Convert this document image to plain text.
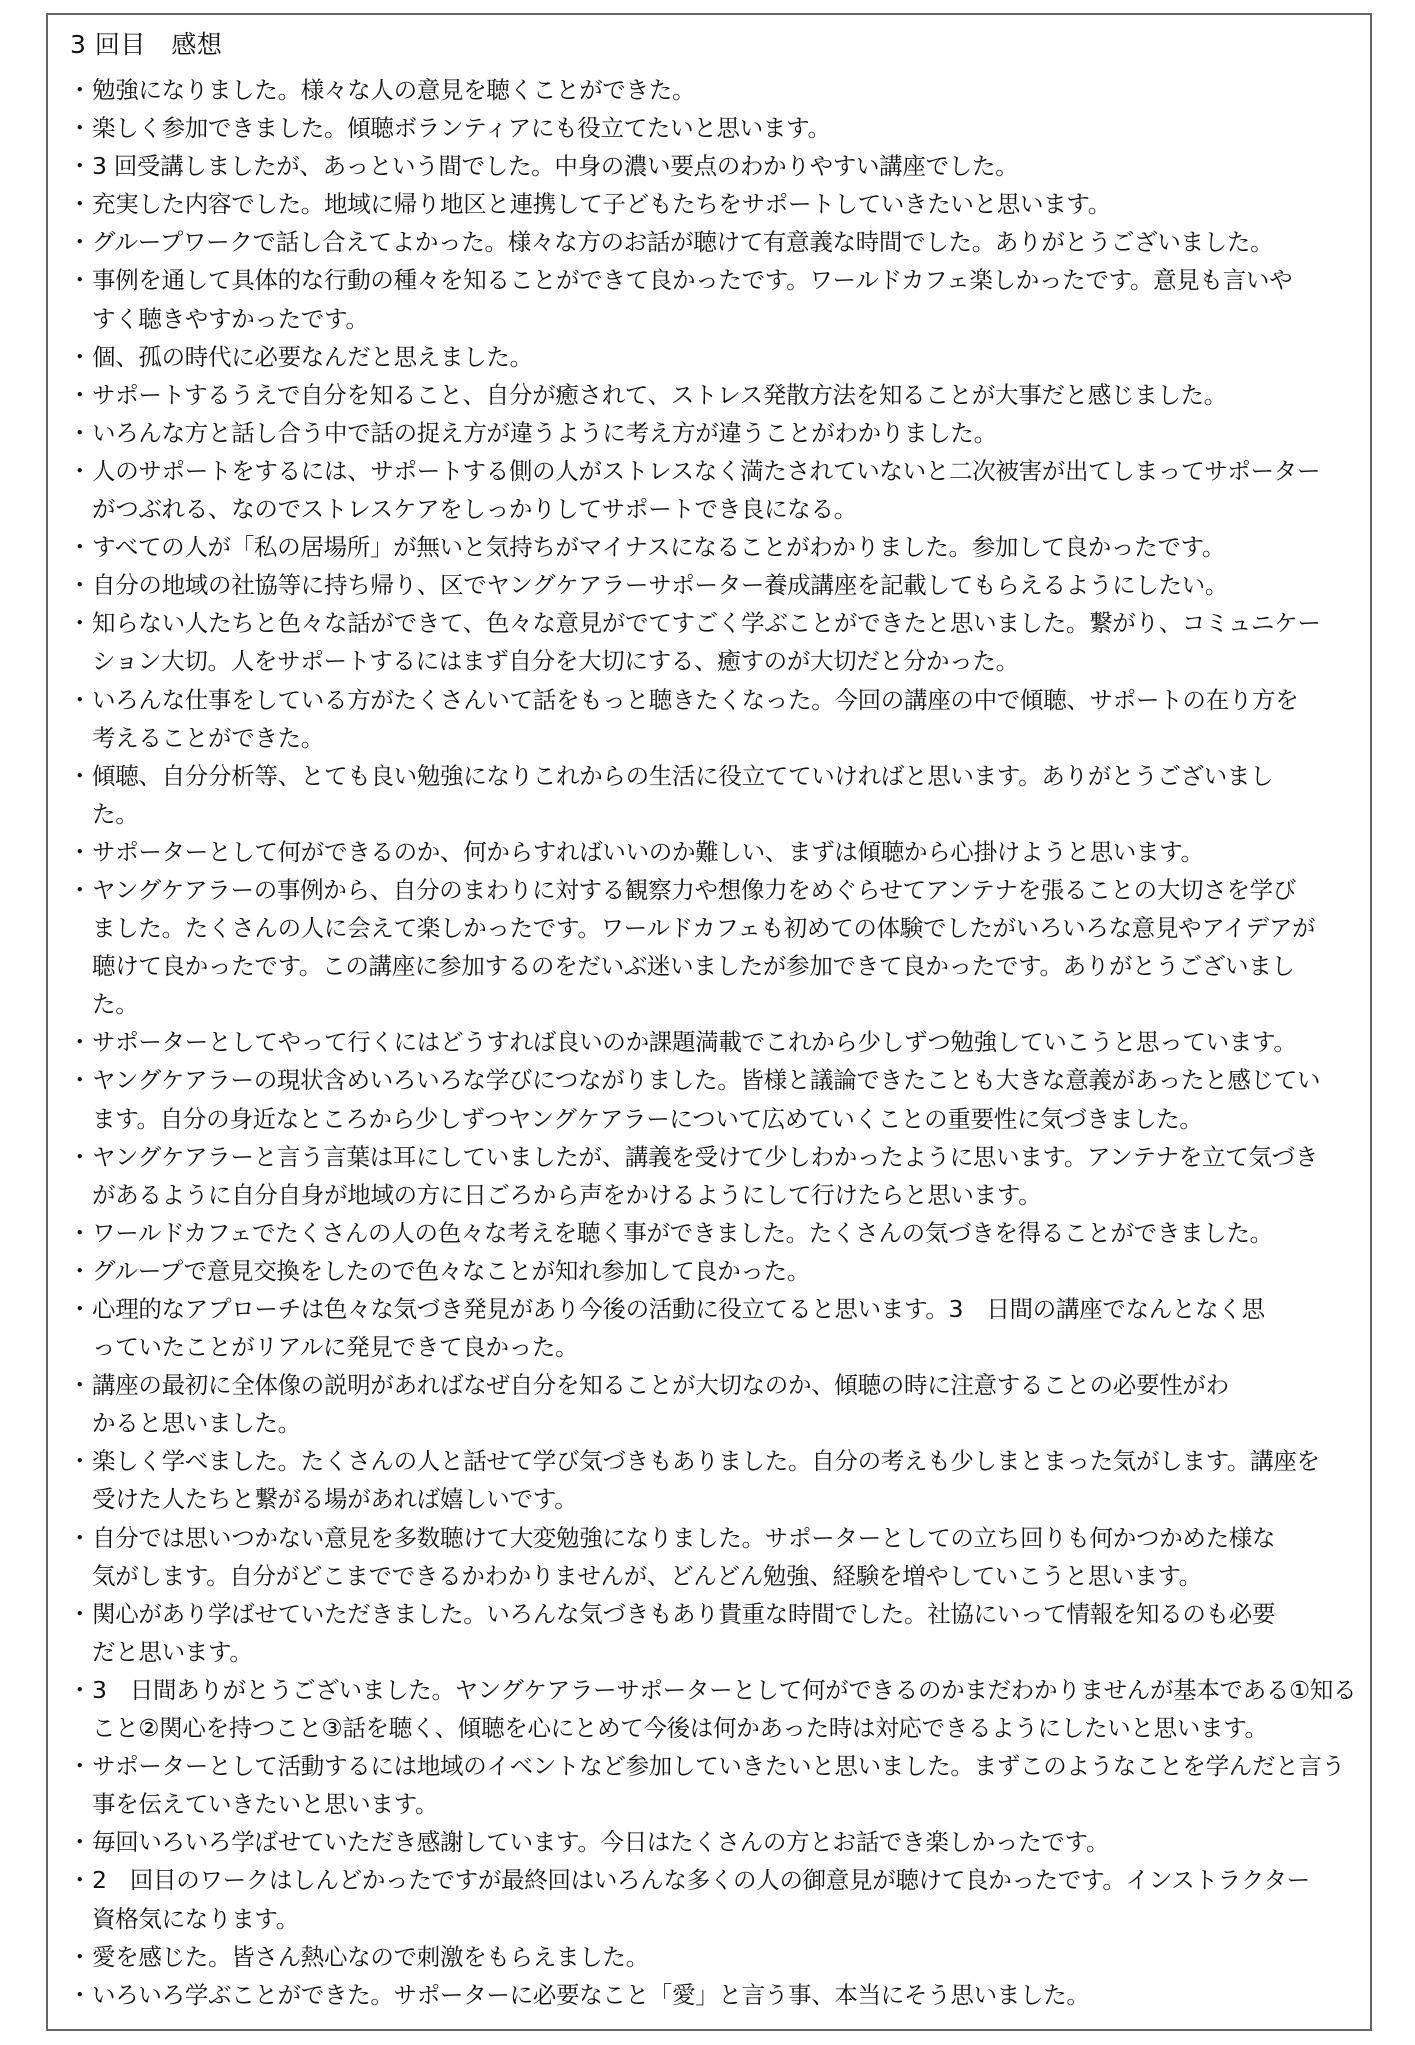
3 回目　感想
・ 勉強になりました。様々な人の意見を聴くことができた。
・ 楽しく参加できました。傾聴ボランティアにも役立てたいと思います。
・ 3 回受講しましたが、あっという間でした。中身の濃い要点のわかりやすい講座でした。
・ 充実した内容でした。地域に帰り地区と連携して子どもたちをサポートしていきたいと思います。
・ グループワークで話し合えてよかった。様々な方のお話が聴けて有意義な時間でした。ありがとうございました。
・ 事例を通して具体的な行動の種々を知ることができて良かったです。ワールドカフェ楽しかったです。意見も言いや
すく聴きやすかったです。
・ 個、孤の時代に必要なんだと思えました。
・ サポートするうえで自分を知ること、自分が癒されて、ストレス発散方法を知ることが大事だと感じました。
・ いろんな方と話し合う中で話の捉え方が違うように考え方が違うことがわかりました。
・ 人のサポートをするには、サポートする側の人がストレスなく満たされていないと二次被害が出てしまってサポーター
がつぶれる、なのでストレスケアをしっかりしてサポートでき良になる。
・ すべての人が「私の居場所」が無いと気持ちがマイナスになることがわかりました。参加して良かったです。
・ 自分の地域の社協等に持ち帰り、区でヤングケアラーサポーター養成講座を記載してもらえるようにしたい。
・ 知らない人たちと色々な話ができて、色々な意見がでてすごく学ぶことができたと思いました。繋がり、コミュニケー
ション大切。人をサポートするにはまず自分を大切にする、癒すのが大切だと分かった。
・ いろんな仕事をしている方がたくさんいて話をもっと聴きたくなった。今回の講座の中で傾聴、サポートの在り方を
考えることができた。
・ 傾聴、自分分析等、とても良い勉強になりこれからの生活に役立てていければと思います。ありがとうございまし
た。
・ サポーターとして何ができるのか、何からすればいいのか難しい、まずは傾聴から心掛けようと思います。
・ ヤングケアラーの事例から、自分のまわりに対する観察力や想像力をめぐらせてアンテナを張ることの大切さを学び
ました。たくさんの人に会えて楽しかったです。ワールドカフェも初めての体験でしたがいろいろな意見やアイデアが
聴けて良かったです。この講座に参加するのをだいぶ迷いましたが参加できて良かったです。ありがとうございまし
た。
・ サポーターとしてやって行くにはどうすれば良いのか課題満載でこれから少しずつ勉強していこうと思っています。
・ ヤングケアラーの現状含めいろいろな学びにつながりました。皆様と議論できたことも大きな意義があったと感じてい
ます。自分の身近なところから少しずつヤングケアラーについて広めていくことの重要性に気づきました。
・ ヤングケアラーと言う言葉は耳にしていましたが、講義を受けて少しわかったように思います。アンテナを立て気づき
があるように自分自身が地域の方に日ごろから声をかけるようにして行けたらと思います。
・ ワールドカフェでたくさんの人の色々な考えを聴く事ができました。たくさんの気づきを得ることができました。
・ グループで意見交換をしたので色々なことが知れ参加して良かった。
・ 心理的なアプローチは色々な気づき発見があり今後の活動に役立てると思います。3　日間の講座でなんとなく思
っていたことがリアルに発見できて良かった。
・ 講座の最初に全体像の説明があればなぜ自分を知ることが大切なのか、傾聴の時に注意することの必要性がわ
かると思いました。
・ 楽しく学べました。たくさんの人と話せて学び気づきもありました。自分の考えも少しまとまった気がします。講座を
受けた人たちと繋がる場があれば嬉しいです。
・ 自分では思いつかない意見を多数聴けて大変勉強になりました。サポーターとしての立ち回りも何かつかめた様な
気がします。自分がどこまでできるかわかりませんが、どんどん勉強、経験を増やしていこうと思います。
・ 関心があり学ばせていただきました。いろんな気づきもあり貴重な時間でした。社協にいって情報を知るのも必要
だと思います。
・ 3　日間ありがとうございました。ヤングケアラーサポーターとして何ができるのかまだわかりませんが基本である①知る
こと②関心を持つこと③話を聴く、傾聴を心にとめて今後は何かあった時は対応できるようにしたいと思います。
・ サポーターとして活動するには地域のイベントなど参加していきたいと思いました。まずこのようなことを学んだと言う
事を伝えていきたいと思います。
・ 毎回いろいろ学ばせていただき感謝しています。今日はたくさんの方とお話でき楽しかったです。
・ 2　回目のワークはしんどかったですが最終回はいろんな多くの人の御意見が聴けて良かったです。インストラクター
資格気になります。
・ 愛を感じた。皆さん熱心なので刺激をもらえました。
・ いろいろ学ぶことができた。サポーターに必要なこと「愛」と言う事、本当にそう思いました。
